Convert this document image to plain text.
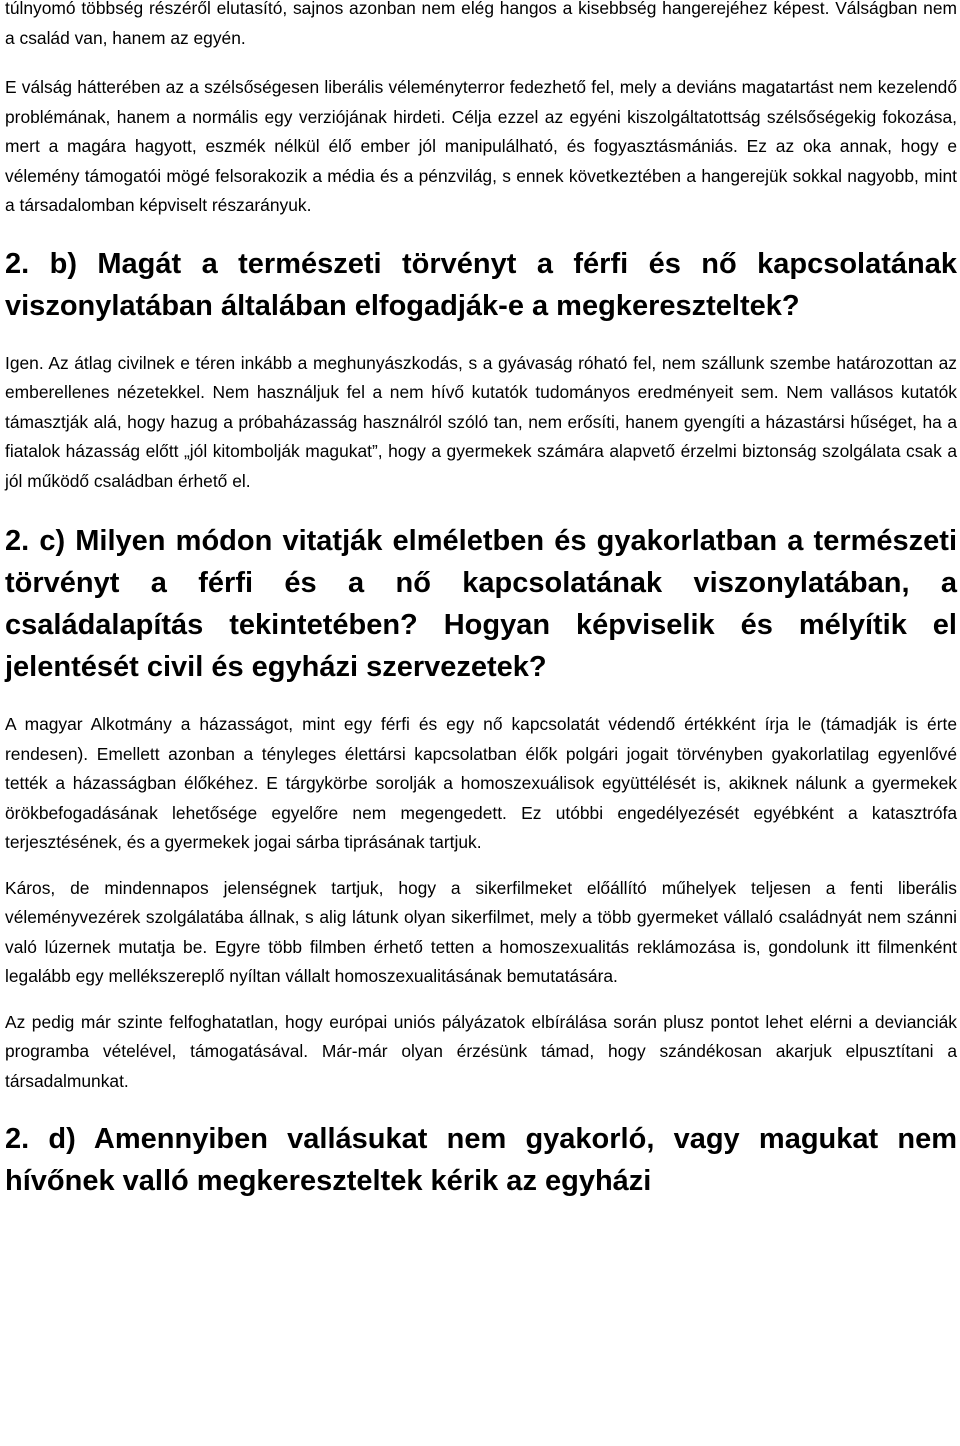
túlnyomó többség részéről elutasító, sajnos azonban nem elég hangos a kisebbség hangerejéhez képest. Válságban nem a család van, hanem az egyén.

E válság hátterében az a szélsőségesen liberális véleményterror fedezhető fel, mely a deviáns magatartást nem kezelendő problémának, hanem a normális egy verziójának hirdeti. Célja ezzel az egyéni kiszolgáltatottság szélsőségekig fokozása, mert a magára hagyott, eszmék nélkül élő ember jól manipulálható, és fogyasztásmániás. Ez az oka annak, hogy e vélemény támogatói mögé felsorakozik a média és a pénzvilág, s ennek következtében a hangerejük sokkal nagyobb, mint a társadalomban képviselt részarányuk.

2. b) Magát a természeti törvényt a férfi és nő kapcsolatának viszonylatában általában elfogadják-e a megkereszteltek?

Igen. Az átlag civilnek e téren inkább a meghunyászkodás, s a gyávaság róható fel, nem szállunk szembe határozottan az emberellenes nézetekkel. Nem használjuk fel a nem hívő kutatók tudományos eredményeit sem. Nem vallásos kutatók támasztják alá, hogy hazug a próbaházasság használról szóló tan, nem erősíti, hanem gyengíti a házastársi hűséget, ha a fiatalok házasság előtt „jól kitombolják magukat”, hogy a gyermekek számára alapvető érzelmi biztonság szolgálata csak a jól működő családban érhető el.

2. c) Milyen módon vitatják elméletben és gyakorlatban a természeti törvényt a férfi és a nő kapcsolatának viszonylatában, a családalapítás tekintetében? Hogyan képviselik és mélyítik el jelentését civil és egyházi szervezetek?

A magyar Alkotmány a házasságot, mint egy férfi és egy nő kapcsolatát védendő értékként írja le (támadják is érte rendesen). Emellett azonban a tényleges élettársi kapcsolatban élők polgári jogait törvényben gyakorlatilag egyenlővé tették a házasságban élőkéhez. E tárgykörbe sorolják a homoszexuálisok együttélését is, akiknek nálunk a gyermekek örökbefogadásának lehetősége egyelőre nem megengedett. Ez utóbbi engedélyezését egyébként a katasztrófa terjesztésének, és a gyermekek jogai sárba tiprásának tartjuk.

Káros, de mindennapos jelenségnek tartjuk, hogy a sikerfilmeket előállító műhelyek teljesen a fenti liberális véleményvezérek szolgálatába állnak, s alig látunk olyan sikerfilmet, mely a több gyermeket vállaló családnyát nem szánni való lúzernek mutatja be. Egyre több filmben érhető tetten a homoszexualitás reklámozása is, gondolunk itt filmenként legalább egy mellékszereplő nyíltan vállalt homoszexualitásának bemutatására.

Az pedig már szinte felfoghatatlan, hogy európai uniós pályázatok elbírálása során plusz pontot lehet elérni a devianciák programba vételével, támogatásával. Már-már olyan érzésünk támad, hogy szándékosan akarjuk elpusztítani a társadalmunkat.

2. d) Amennyiben vallásukat nem gyakorló, vagy magukat nem hívőnek valló megkereszteltek kérik az egyházi
